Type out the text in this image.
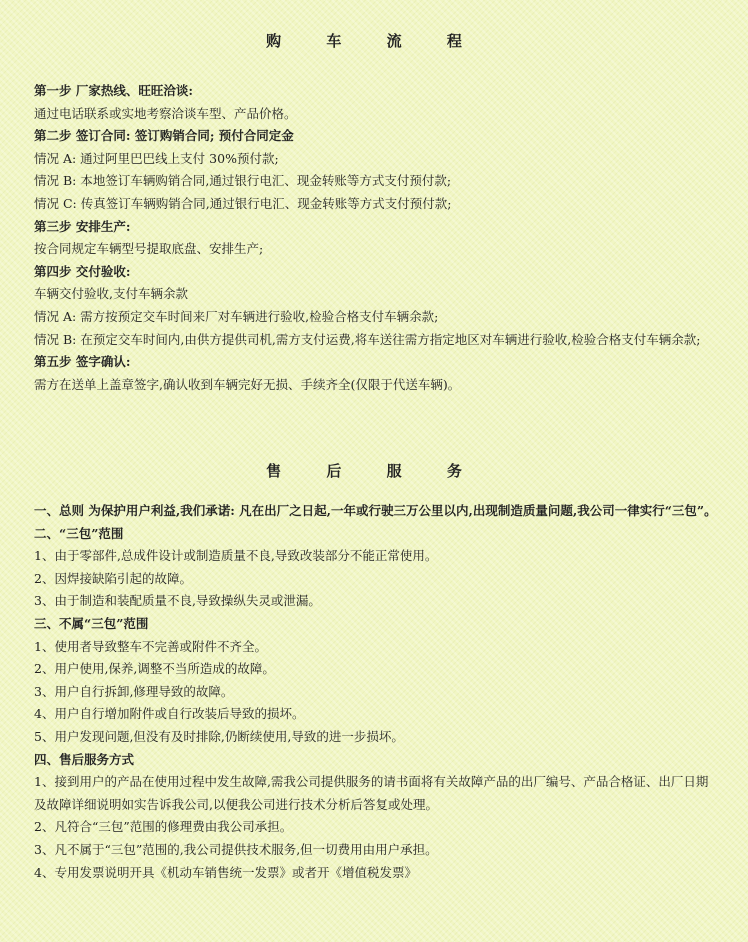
购 车 流 程

第一步 厂家热线、旺旺洽谈:

通过电话联系或实地考察洽谈车型、产品价格。

第二步 签订合同: 签订购销合同; 预付合同定金

情况 A: 通过阿里巴巴线上支付 30%预付款;

情况 B: 本地签订车辆购销合同,通过银行电汇、现金转账等方式支付预付款;

情况 C: 传真签订车辆购销合同,通过银行电汇、现金转账等方式支付预付款;

第三步 安排生产:

按合同规定车辆型号提取底盘、安排生产;

第四步 交付验收:

车辆交付验收,支付车辆余款

情况 A: 需方按预定交车时间来厂对车辆进行验收,检验合格支付车辆余款;

情况 B: 在预定交车时间内,由供方提供司机,需方支付运费,将车送往需方指定地区对车辆进行验收,检验合格支付车辆余款;

第五步 签字确认:

需方在送单上盖章签字,确认收到车辆完好无损、手续齐全(仅限于代送车辆)。

售 后 服 务

一、总则 为保护用户利益,我们承诺: 凡在出厂之日起,一年或行驶三万公里以内,出现制造质量问题,我公司一律实行“三包”。

二、“三包”范围

1、由于零部件,总成件设计或制造质量不良,导致改装部分不能正常使用。

2、因焊接缺陷引起的故障。

3、由于制造和装配质量不良,导致操纵失灵或泄漏。

三、不属“三包”范围

1、使用者导致整车不完善或附件不齐全。

2、用户使用,保养,调整不当所造成的故障。

3、用户自行拆卸,修理导致的故障。

4、用户自行增加附件或自行改装后导致的损坏。

5、用户发现问题,但没有及时排除,仍断续使用,导致的进一步损坏。

四、售后服务方式

1、接到用户的产品在使用过程中发生故障,需我公司提供服务的请书面将有关故障产品的出厂编号、产品合格证、出厂日期及故障详细说明如实告诉我公司,以便我公司进行技术分析后答复或处理。

2、凡符合“三包”范围的修理费由我公司承担。

3、凡不属于“三包”范围的,我公司提供技术服务,但一切费用由用户承担。

4、专用发票说明开具《机动车销售统一发票》或者开《增值税发票》
